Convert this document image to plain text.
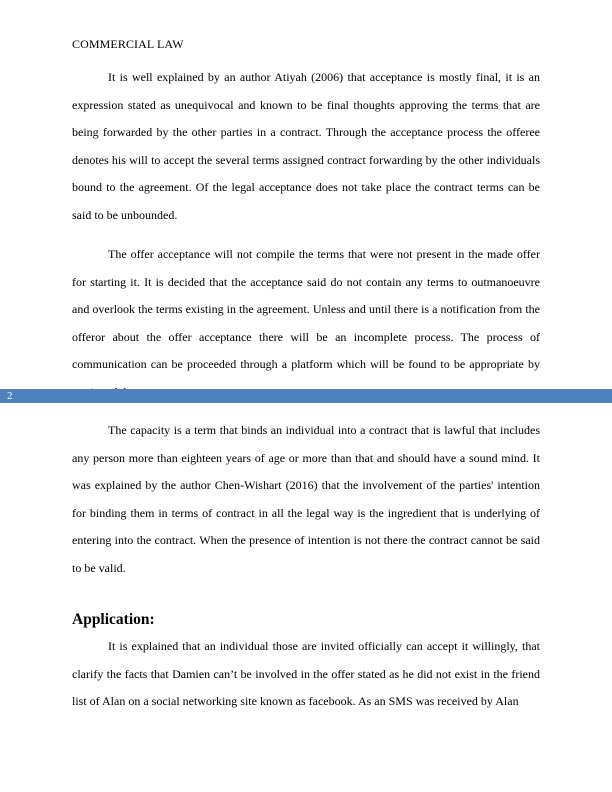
COMMERCIAL LAW

It is well explained by an author Atiyah (2006) that acceptance is mostly final, it is an expression stated as unequivocal and known to be final thoughts approving the terms that are being forwarded by the other parties in a contract. Through the acceptance process the offeree denotes his will to accept the several terms assigned contract forwarding by the other individuals bound to the agreement. Of the legal acceptance does not take place the contract terms can be said to be unbounded.

The offer acceptance will not compile the terms that were not present in the made offer for starting it. It is decided that the acceptance said do not contain any terms to outmanoeuvre and overlook the terms existing in the agreement. Unless and until there is a notification from the offeror about the offer acceptance there will be an incomplete process. The process of communication can be proceeded through a platform which will be found to be appropriate by

2

The capacity is a term that binds an individual into a contract that is lawful that includes any person more than eighteen years of age or more than that and should have a sound mind. It was explained by the author Chen-Wishart (2016) that the involvement of the parties' intention for binding them in terms of contract in all the legal way is the ingredient that is underlying of entering into the contract. When the presence of intention is not there the contract cannot be said to be valid.

Application:

It is explained that an individual those are invited officially can accept it willingly, that clarify the facts that Damien can’t be involved in the offer stated as he did not exist in the friend list of Alan on a social networking site known as facebook. As an SMS was received by Alan
